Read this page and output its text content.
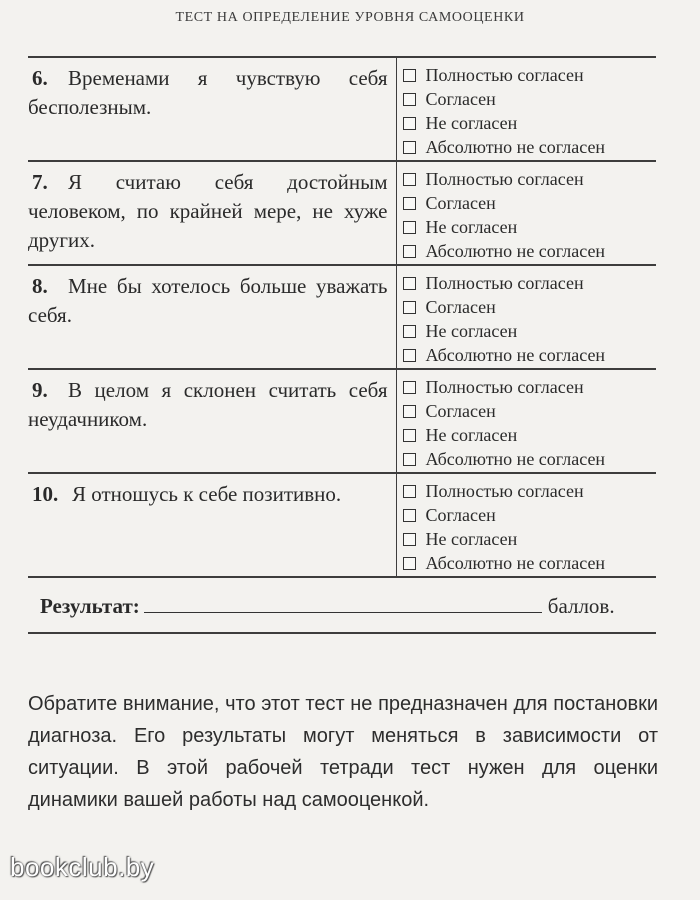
ТЕСТ НА ОПРЕДЕЛЕНИЕ УРОВНЯ САМООЦЕНКИ
6. Временами я чувствую себя бесполезным.	Полностью согласен
Согласен
Не согласен
Абсолютно не согласен

7. Я считаю себя достойным человеком, по крайней мере, не хуже других.	Полностью согласен
Согласен
Не согласен
Абсолютно не согласен

8. Мне бы хотелось больше уважать себя.	Полностью согласен
Согласен
Не согласен
Абсолютно не согласен

9. В целом я склонен считать себя неудачником.	Полностью согласен
Согласен
Не согласен
Абсолютно не согласен

10. Я отношусь к себе позитивно.	Полностью согласен
Согласен
Не согласен
Абсолютно не согласен
Результат:	баллов.
Обратите внимание, что этот тест не предназначен для постановки диагноза. Его результаты могут меняться в зависимости от ситуации. В этой рабочей тетради тест нужен для оценки динамики вашей работы над самооценкой.
bookclub.by
